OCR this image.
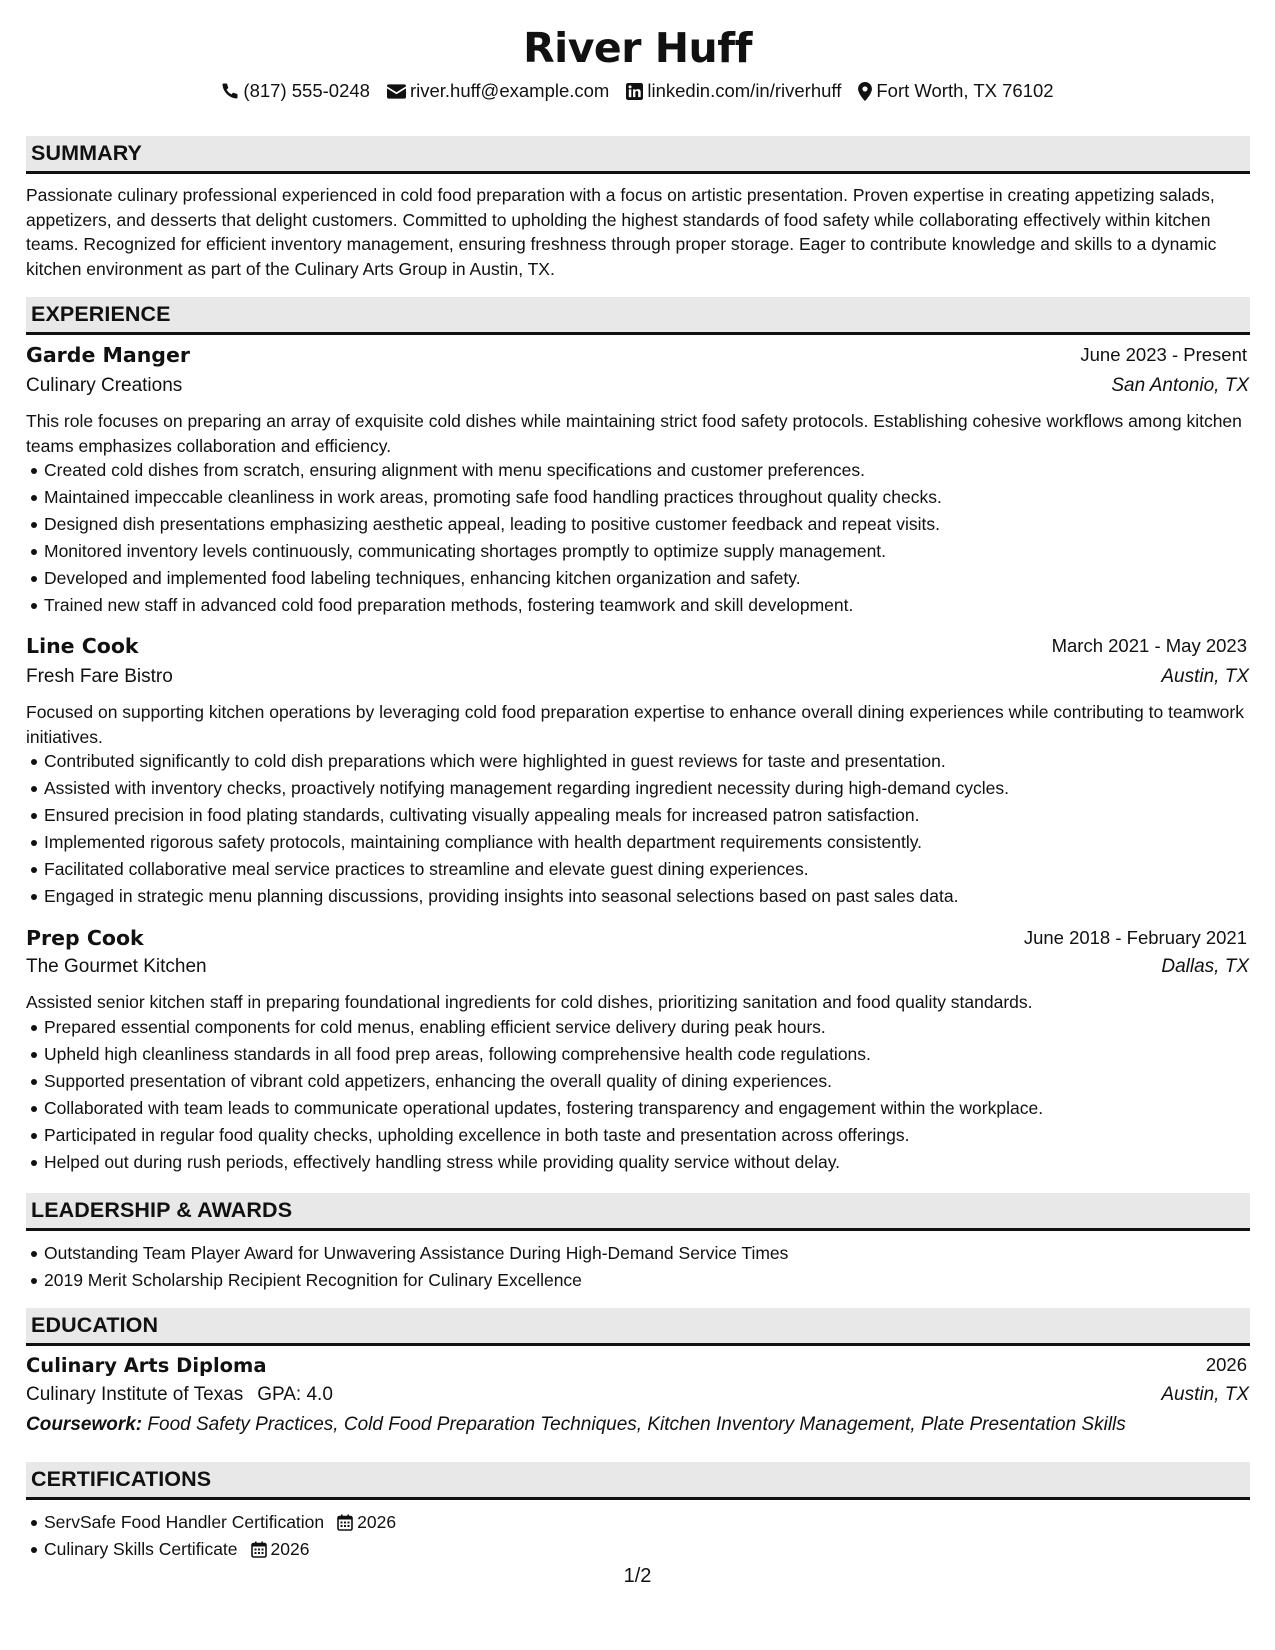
River Huff
(817) 555-0248 river.huff@example.com linkedin.com/in/riverhuff Fort Worth, TX 76102
SUMMARY
Passionate culinary professional experienced in cold food preparation with a focus on artistic presentation. Proven expertise in creating appetizing salads, appetizers, and desserts that delight customers. Committed to upholding the highest standards of food safety while collaborating effectively within kitchen teams. Recognized for efficient inventory management, ensuring freshness through proper storage. Eager to contribute knowledge and skills to a dynamic kitchen environment as part of the Culinary Arts Group in Austin, TX.
EXPERIENCE
Garde Manger	June 2023 - Present
Culinary Creations	San Antonio, TX
This role focuses on preparing an array of exquisite cold dishes while maintaining strict food safety protocols. Establishing cohesive workflows among kitchen teams emphasizes collaboration and efficiency.
Created cold dishes from scratch, ensuring alignment with menu specifications and customer preferences.
Maintained impeccable cleanliness in work areas, promoting safe food handling practices throughout quality checks.
Designed dish presentations emphasizing aesthetic appeal, leading to positive customer feedback and repeat visits.
Monitored inventory levels continuously, communicating shortages promptly to optimize supply management.
Developed and implemented food labeling techniques, enhancing kitchen organization and safety.
Trained new staff in advanced cold food preparation methods, fostering teamwork and skill development.
Line Cook	March 2021 - May 2023
Fresh Fare Bistro	Austin, TX
Focused on supporting kitchen operations by leveraging cold food preparation expertise to enhance overall dining experiences while contributing to teamwork initiatives.
Contributed significantly to cold dish preparations which were highlighted in guest reviews for taste and presentation.
Assisted with inventory checks, proactively notifying management regarding ingredient necessity during high-demand cycles.
Ensured precision in food plating standards, cultivating visually appealing meals for increased patron satisfaction.
Implemented rigorous safety protocols, maintaining compliance with health department requirements consistently.
Facilitated collaborative meal service practices to streamline and elevate guest dining experiences.
Engaged in strategic menu planning discussions, providing insights into seasonal selections based on past sales data.
Prep Cook	June 2018 - February 2021
The Gourmet Kitchen	Dallas, TX
Assisted senior kitchen staff in preparing foundational ingredients for cold dishes, prioritizing sanitation and food quality standards.
Prepared essential components for cold menus, enabling efficient service delivery during peak hours.
Upheld high cleanliness standards in all food prep areas, following comprehensive health code regulations.
Supported presentation of vibrant cold appetizers, enhancing the overall quality of dining experiences.
Collaborated with team leads to communicate operational updates, fostering transparency and engagement within the workplace.
Participated in regular food quality checks, upholding excellence in both taste and presentation across offerings.
Helped out during rush periods, effectively handling stress while providing quality service without delay.
LEADERSHIP & AWARDS
Outstanding Team Player Award for Unwavering Assistance During High-Demand Service Times
2019 Merit Scholarship Recipient Recognition for Culinary Excellence
EDUCATION
Culinary Arts Diploma	2026
Culinary Institute of Texas GPA: 4.0	Austin, TX
Coursework: Food Safety Practices, Cold Food Preparation Techniques, Kitchen Inventory Management, Plate Presentation Skills
CERTIFICATIONS
ServSafe Food Handler Certification 2026
Culinary Skills Certificate 2026
1/2
